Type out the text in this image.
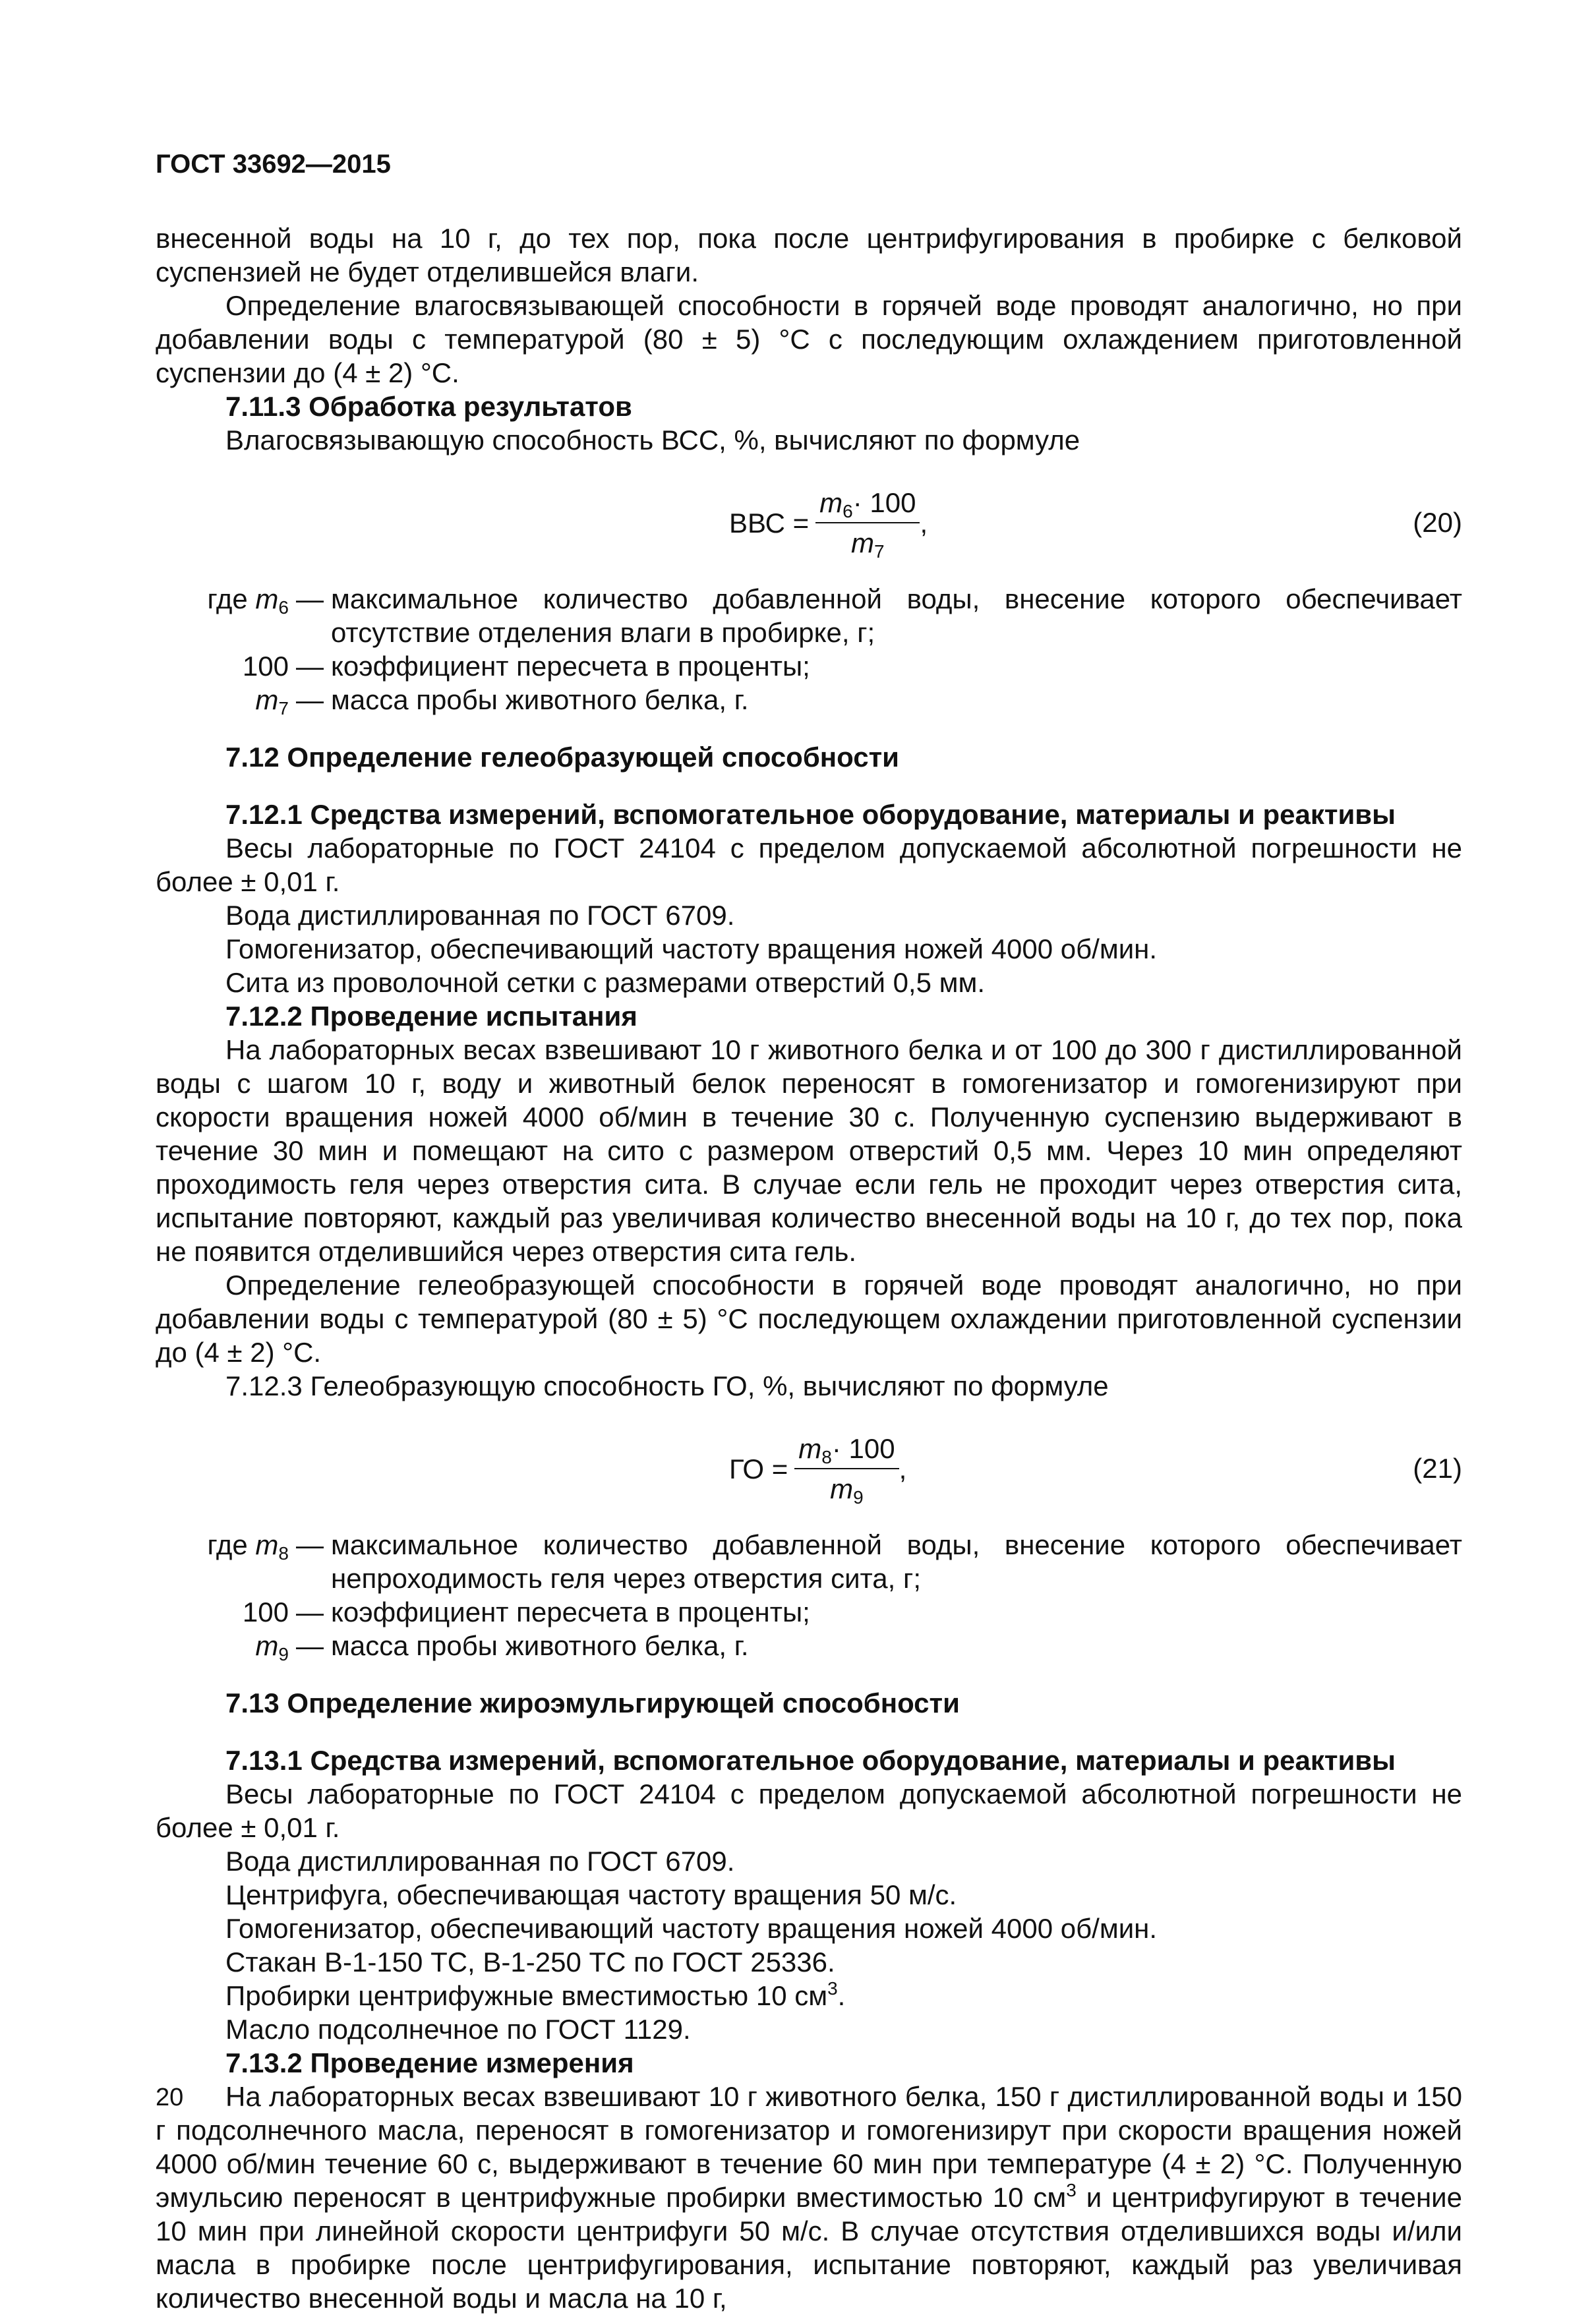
ГОСТ 33692—2015

внесенной воды на 10 г, до тех пор, пока после центрифугирования в пробирке с белковой суспензией не будет отделившейся влаги.

Определение влагосвязывающей способности в горячей воде проводят аналогично, но при добавлении воды с температурой (80 ± 5) °C с последующим охлаждением приготовленной суспензии до (4 ± 2) °C.

7.11.3 Обработка результатов

Влагосвязывающую способность ВСС, %, вычисляют по формуле

ВВС = $\frac{m_6\cdot 100}{m_7}$ ,	(20)
где $m_6$ — максимальное количество добавленной воды, внесение которого обеспечивает отсутствие отделения влаги в пробирке, г;
100 — коэффициент пересчета в проценты;
$m_7$ — масса пробы животного белка, г.

7.12 Определение гелеобразующей способности

7.12.1 Средства измерений, вспомогательное оборудование, материалы и реактивы

Весы лабораторные по ГОСТ 24104 с пределом допускаемой абсолютной погрешности не более ± 0,01 г.

Вода дистиллированная по ГОСТ 6709.

Гомогенизатор, обеспечивающий частоту вращения ножей 4000 об/мин.

Сита из проволочной сетки с размерами отверстий 0,5 мм.

7.12.2 Проведение испытания

На лабораторных весах взвешивают 10 г животного белка и от 100 до 300 г дистиллированной воды с шагом 10 г, воду и животный белок переносят в гомогенизатор и гомогенизируют при скорости вращения ножей 4000 об/мин в течение 30 с. Полученную суспензию выдерживают в течение 30 мин и помещают на сито с размером отверстий 0,5 мм. Через 10 мин определяют проходимость геля через отверстия сита. В случае если гель не проходит через отверстия сита, испытание повторяют, каждый раз увеличивая количество внесенной воды на 10 г, до тех пор, пока не появится отделившийся через отверстия сита гель.

Определение гелеобразующей способности в горячей воде проводят аналогично, но при добавлении воды с температурой (80 ± 5) °C последующем охлаждении приготовленной суспензии до (4 ± 2) °C.

7.12.3 Гелеобразующую способность ГО, %, вычисляют по формуле

ГО = $\frac{m_8\cdot 100}{m_9}$ ,	(21)
где $m_8$ — максимальное количество добавленной воды, внесение которого обеспечивает непроходимость геля через отверстия сита, г;
100 — коэффициент пересчета в проценты;
$m_9$ — масса пробы животного белка, г.

7.13 Определение жироэмульгирующей способности

7.13.1 Средства измерений, вспомогательное оборудование, материалы и реактивы

Весы лабораторные по ГОСТ 24104 с пределом допускаемой абсолютной погрешности не более ± 0,01 г.

Вода дистиллированная по ГОСТ 6709.

Центрифуга, обеспечивающая частоту вращения 50 м/с.

Гомогенизатор, обеспечивающий частоту вращения ножей 4000 об/мин.

Стакан В-1-150 ТС, В-1-250 ТС по ГОСТ 25336.

Пробирки центрифужные вместимостью 10 $см^3$.

Масло подсолнечное по ГОСТ 1129.

7.13.2 Проведение измерения

На лабораторных весах взвешивают 10 г животного белка, 150 г дистиллированной воды и 150 г подсолнечного масла, переносят в гомогенизатор и гомогенизирут при скорости вращения ножей 4000 об/мин течение 60 с, выдерживают в течение 60 мин при температуре (4 ± 2) °С. Полученную эмульсию переносят в центрифужные пробирки вместимостью 10 $см^3$ и центрифугируют в течение 10 мин при линейной скорости центрифуги 50 м/с. В случае отсутствия отделившихся воды и/или масла в пробирке после центрифугирования, испытание повторяют, каждый раз увеличивая количество внесенной воды и масла на 10 г,

20
